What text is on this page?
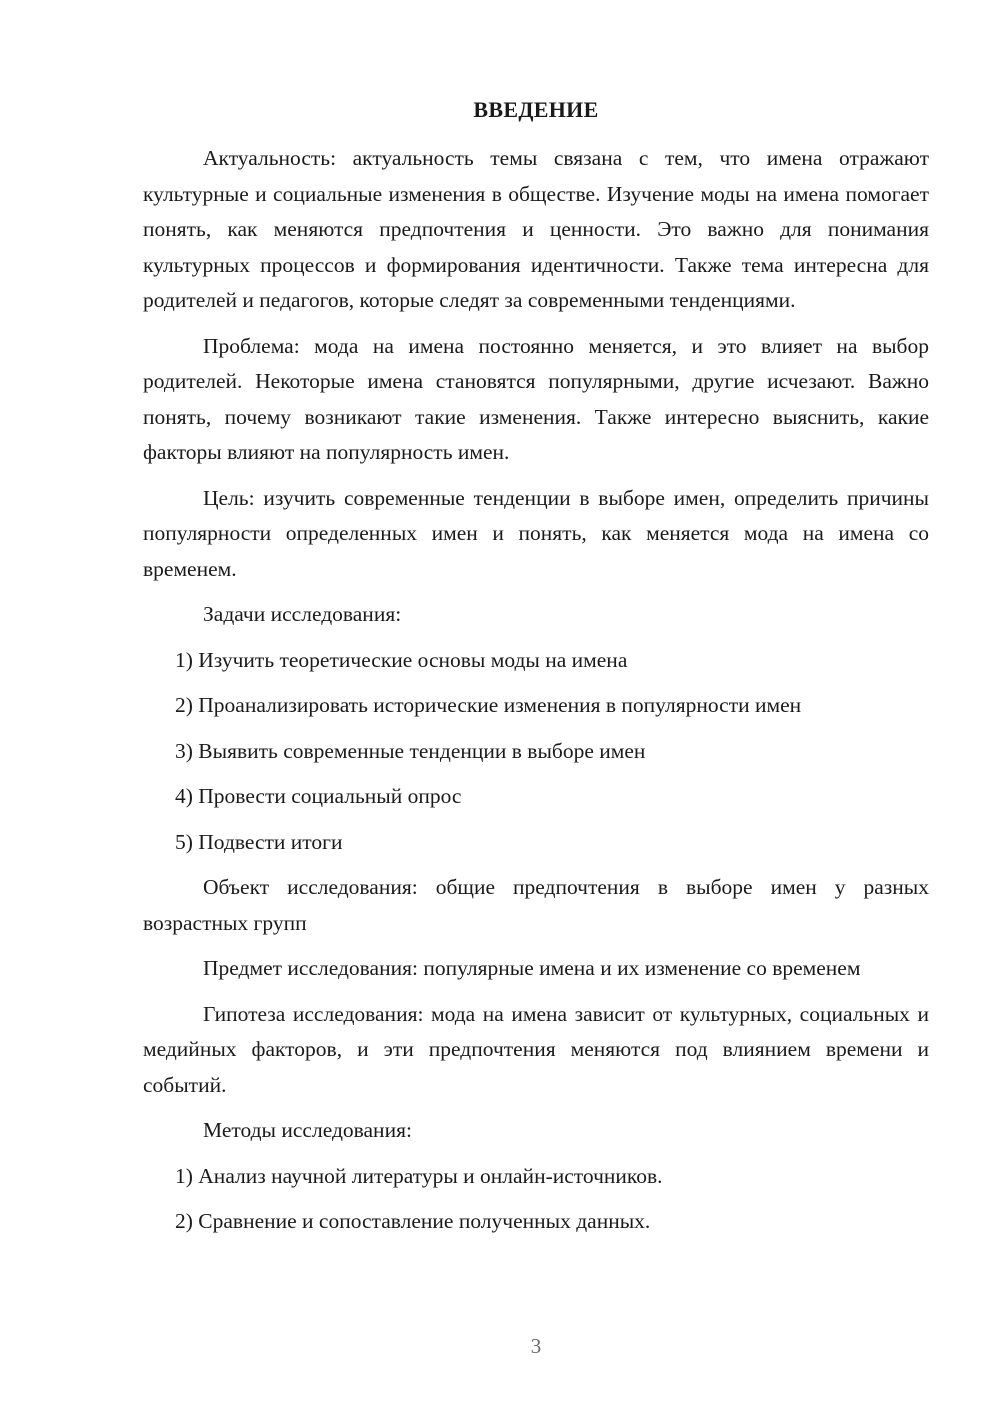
ВВЕДЕНИЕ

Актуальность: актуальность темы связана с тем, что имена отражают культурные и социальные изменения в обществе. Изучение моды на имена помогает понять, как меняются предпочтения и ценности. Это важно для понимания культурных процессов и формирования идентичности. Также тема интересна для родителей и педагогов, которые следят за современными тенденциями.

Проблема: мода на имена постоянно меняется, и это влияет на выбор родителей. Некоторые имена становятся популярными, другие исчезают. Важно понять, почему возникают такие изменения. Также интересно выяснить, какие факторы влияют на популярность имен.

Цель: изучить современные тенденции в выборе имен, определить причины популярности определенных имен и понять, как меняется мода на имена со временем.

Задачи исследования:

1) Изучить теоретические основы моды на имена

2) Проанализировать исторические изменения в популярности имен

3) Выявить современные тенденции в выборе имен

4) Провести социальный опрос

5) Подвести итоги

Объект исследования: общие предпочтения в выборе имен у разных возрастных групп

Предмет исследования: популярные имена и их изменение со временем

Гипотеза исследования: мода на имена зависит от культурных, социальных и медийных факторов, и эти предпочтения меняются под влиянием времени и событий.

Методы исследования:

1) Анализ научной литературы и онлайн-источников.

2) Сравнение и сопоставление полученных данных.

3
